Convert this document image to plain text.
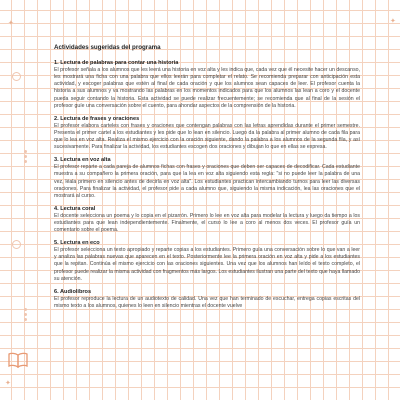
✦	✦
✦
Actividades sugeridas del programa
1. Lectura de palabras para contar una historia

El profesor señala a los alumnos que les leerá una historia en voz alta y les indica que, cada vez que él necesite hacer un descanso, les mostrará una ficha con una palabra que ellos leerán para completar el relato. Se recomienda preparar con anticipación esta actividad, y escoger palabras que estén al final de cada oración y que los alumnos sean capaces de leer. El profesor cuenta la historia a sus alumnos y va mostrando las palabras en los momentos indicados para que los alumnos las lean a coro y el docente pueda seguir contando la historia. Esta actividad se puede realizar frecuentemente; se recomienda que al final de la sesión el profesor guíe una conversación sobre el cuento, para ahondar aspectos de la comprensión de la historia.

2. Lectura de frases y oraciones

El profesor elabora carteles con frases y oraciones que contengan palabras con las letras aprendidas durante el primer semestre. Presenta el primer cartel a los estudiantes y les pide que lo lean en silencio. Luego da la palabra al primer alumno de cada fila para que lo lea en voz alta. Realiza el mismo ejercicio con la oración siguiente, dando la palabra a los alumnos de la segunda fila, y así sucesivamente. Para finalizar la actividad, los estudiantes escogen dos oraciones y dibujan lo que en ellas se expresa.

3. Lectura en voz alta

El profesor reparte a cada pareja de alumnos fichas con frases y oraciones que deben ser capaces de decodificar. Cada estudiante muestra a su compañero la primera oración, para que la lea en voz alta siguiendo esta regla: "si no puede leer la palabra de una vez, léala primero en silencio antes de decirla en voz alta". Los estudiantes practican intercambiando turnos para leer las diversas oraciones. Para finalizar la actividad, el profesor pide a cada alumno que, siguiendo la misma indicación, lea las oraciones que el mostrará al curso.

4. Lectura coral

El docente selecciona un poema y lo copia en el pizarrón. Primero lo lee en voz alta para modelar la lectura y luego da tiempo a los estudiantes para que lean independientemente. Finalmente, el curso lo lee a coro al menos dos veces. El profesor guía un comentario sobre el poema.

5. Lectura en eco

El profesor selecciona un texto apropiado y reparte copias a los estudiantes. Primero guía una conversación sobre lo que van a leer y analiza las palabras nuevas que aparecen en el texto. Posteriormente lee la primera oración en voz alta y pide a los estudiantes que la repitan. Continúa el mismo ejercicio con las oraciones siguientes. Una vez que los alumnos han leído el texto completo, el profesor puede realizar la misma actividad con fragmentos más largos. Los estudiantes ilustran una parte del texto que haya llamado su atención.

6. Audiolibros

El profesor reproduce la lectura de un audiotexto de calidad. Una vez que han terminado de escuchar, entrega copias escritas del mismo texto a los alumnos, quienes lo leen en silencio mientras el docente vuelve
